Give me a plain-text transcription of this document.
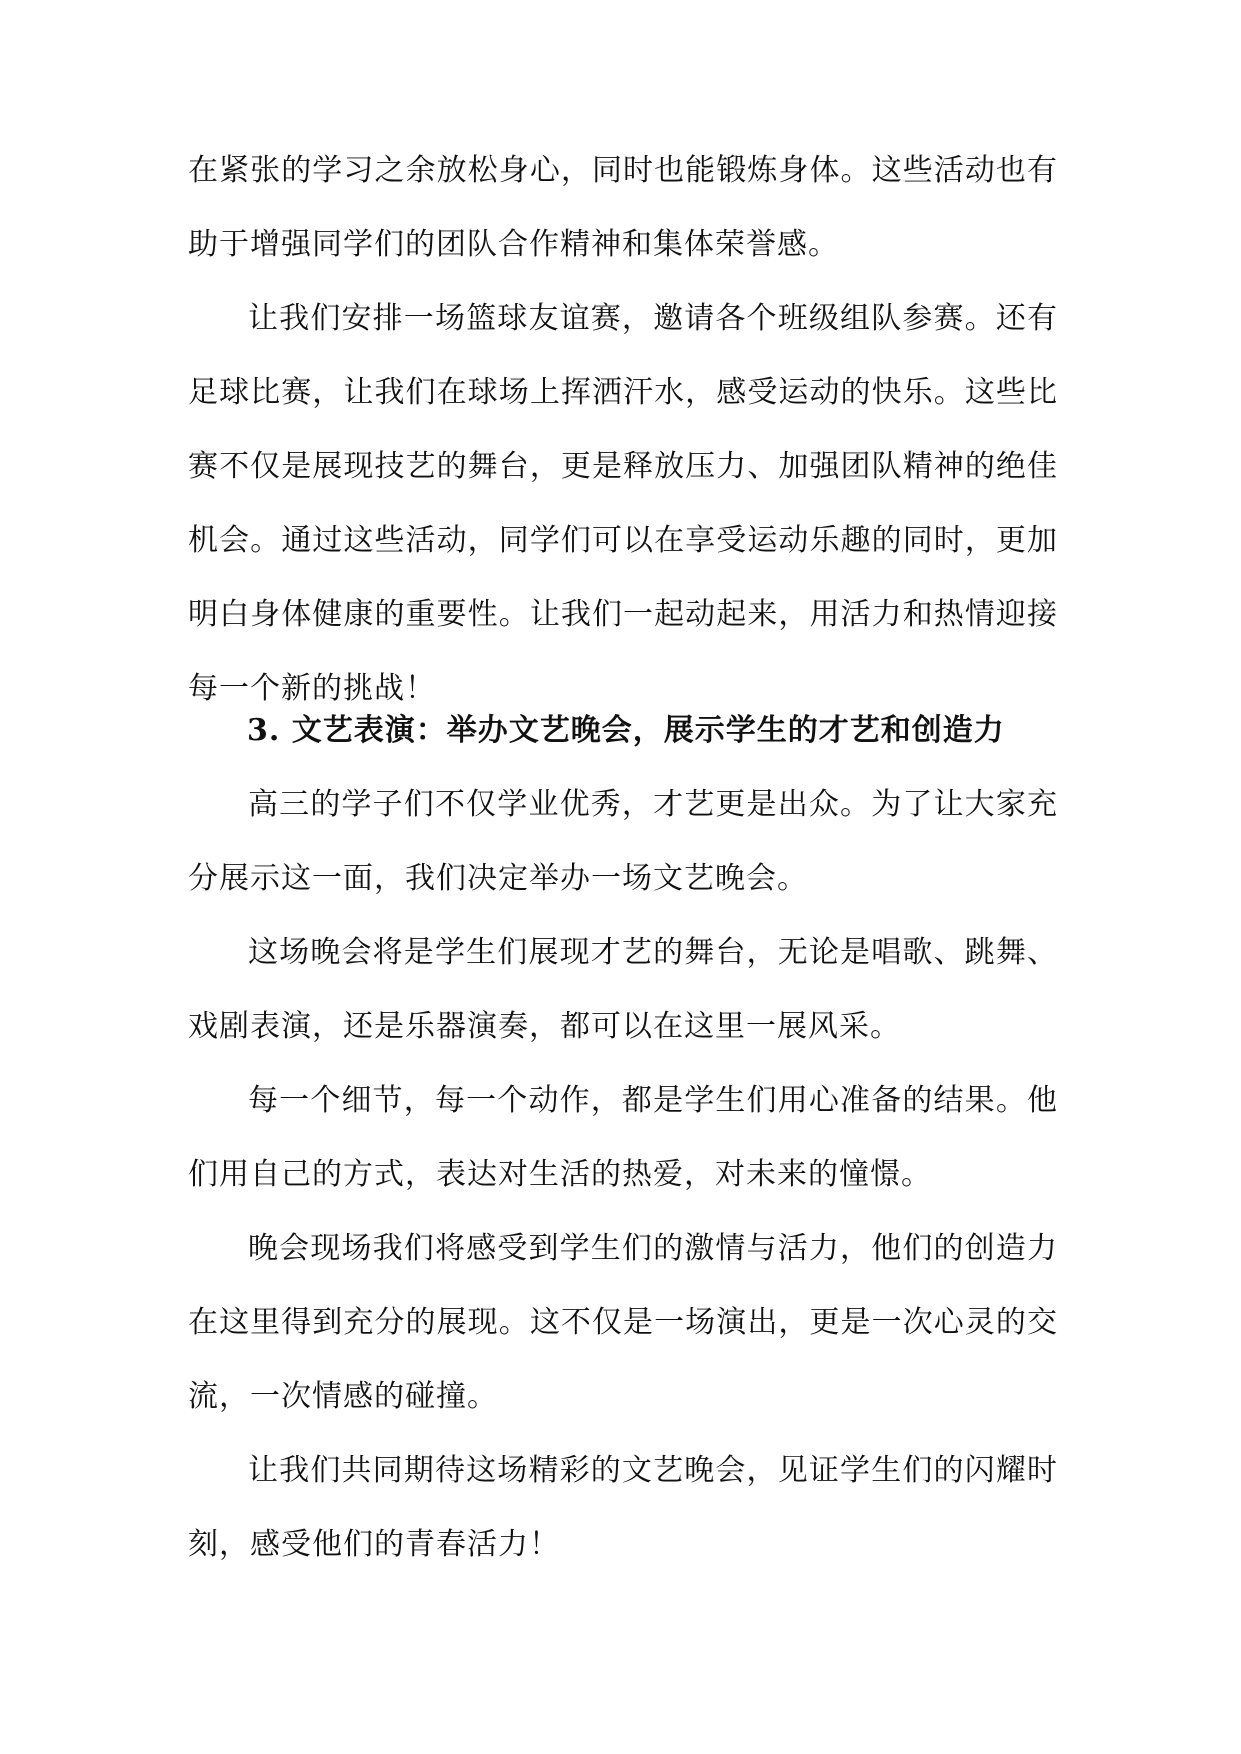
在紧张的学习之余放松身心，同时也能锻炼身体。这些活动也有助于增强同学们的团队合作精神和集体荣誉感。

让我们安排一场篮球友谊赛，邀请各个班级组队参赛。还有足球比赛，让我们在球场上挥洒汗水，感受运动的快乐。这些比赛不仅是展现技艺的舞台，更是释放压力、加强团队精神的绝佳机会。通过这些活动，同学们可以在享受运动乐趣的同时，更加明白身体健康的重要性。让我们一起动起来，用活力和热情迎接每一个新的挑战！

3. 文艺表演：举办文艺晚会，展示学生的才艺和创造力

高三的学子们不仅学业优秀，才艺更是出众。为了让大家充分展示这一面，我们决定举办一场文艺晚会。

这场晚会将是学生们展现才艺的舞台，无论是唱歌、跳舞、戏剧表演，还是乐器演奏，都可以在这里一展风采。

每一个细节，每一个动作，都是学生们用心准备的结果。他们用自己的方式，表达对生活的热爱，对未来的憧憬。

晚会现场我们将感受到学生们的激情与活力，他们的创造力在这里得到充分的展现。这不仅是一场演出，更是一次心灵的交流，一次情感的碰撞。

让我们共同期待这场精彩的文艺晚会，见证学生们的闪耀时刻，感受他们的青春活力！
